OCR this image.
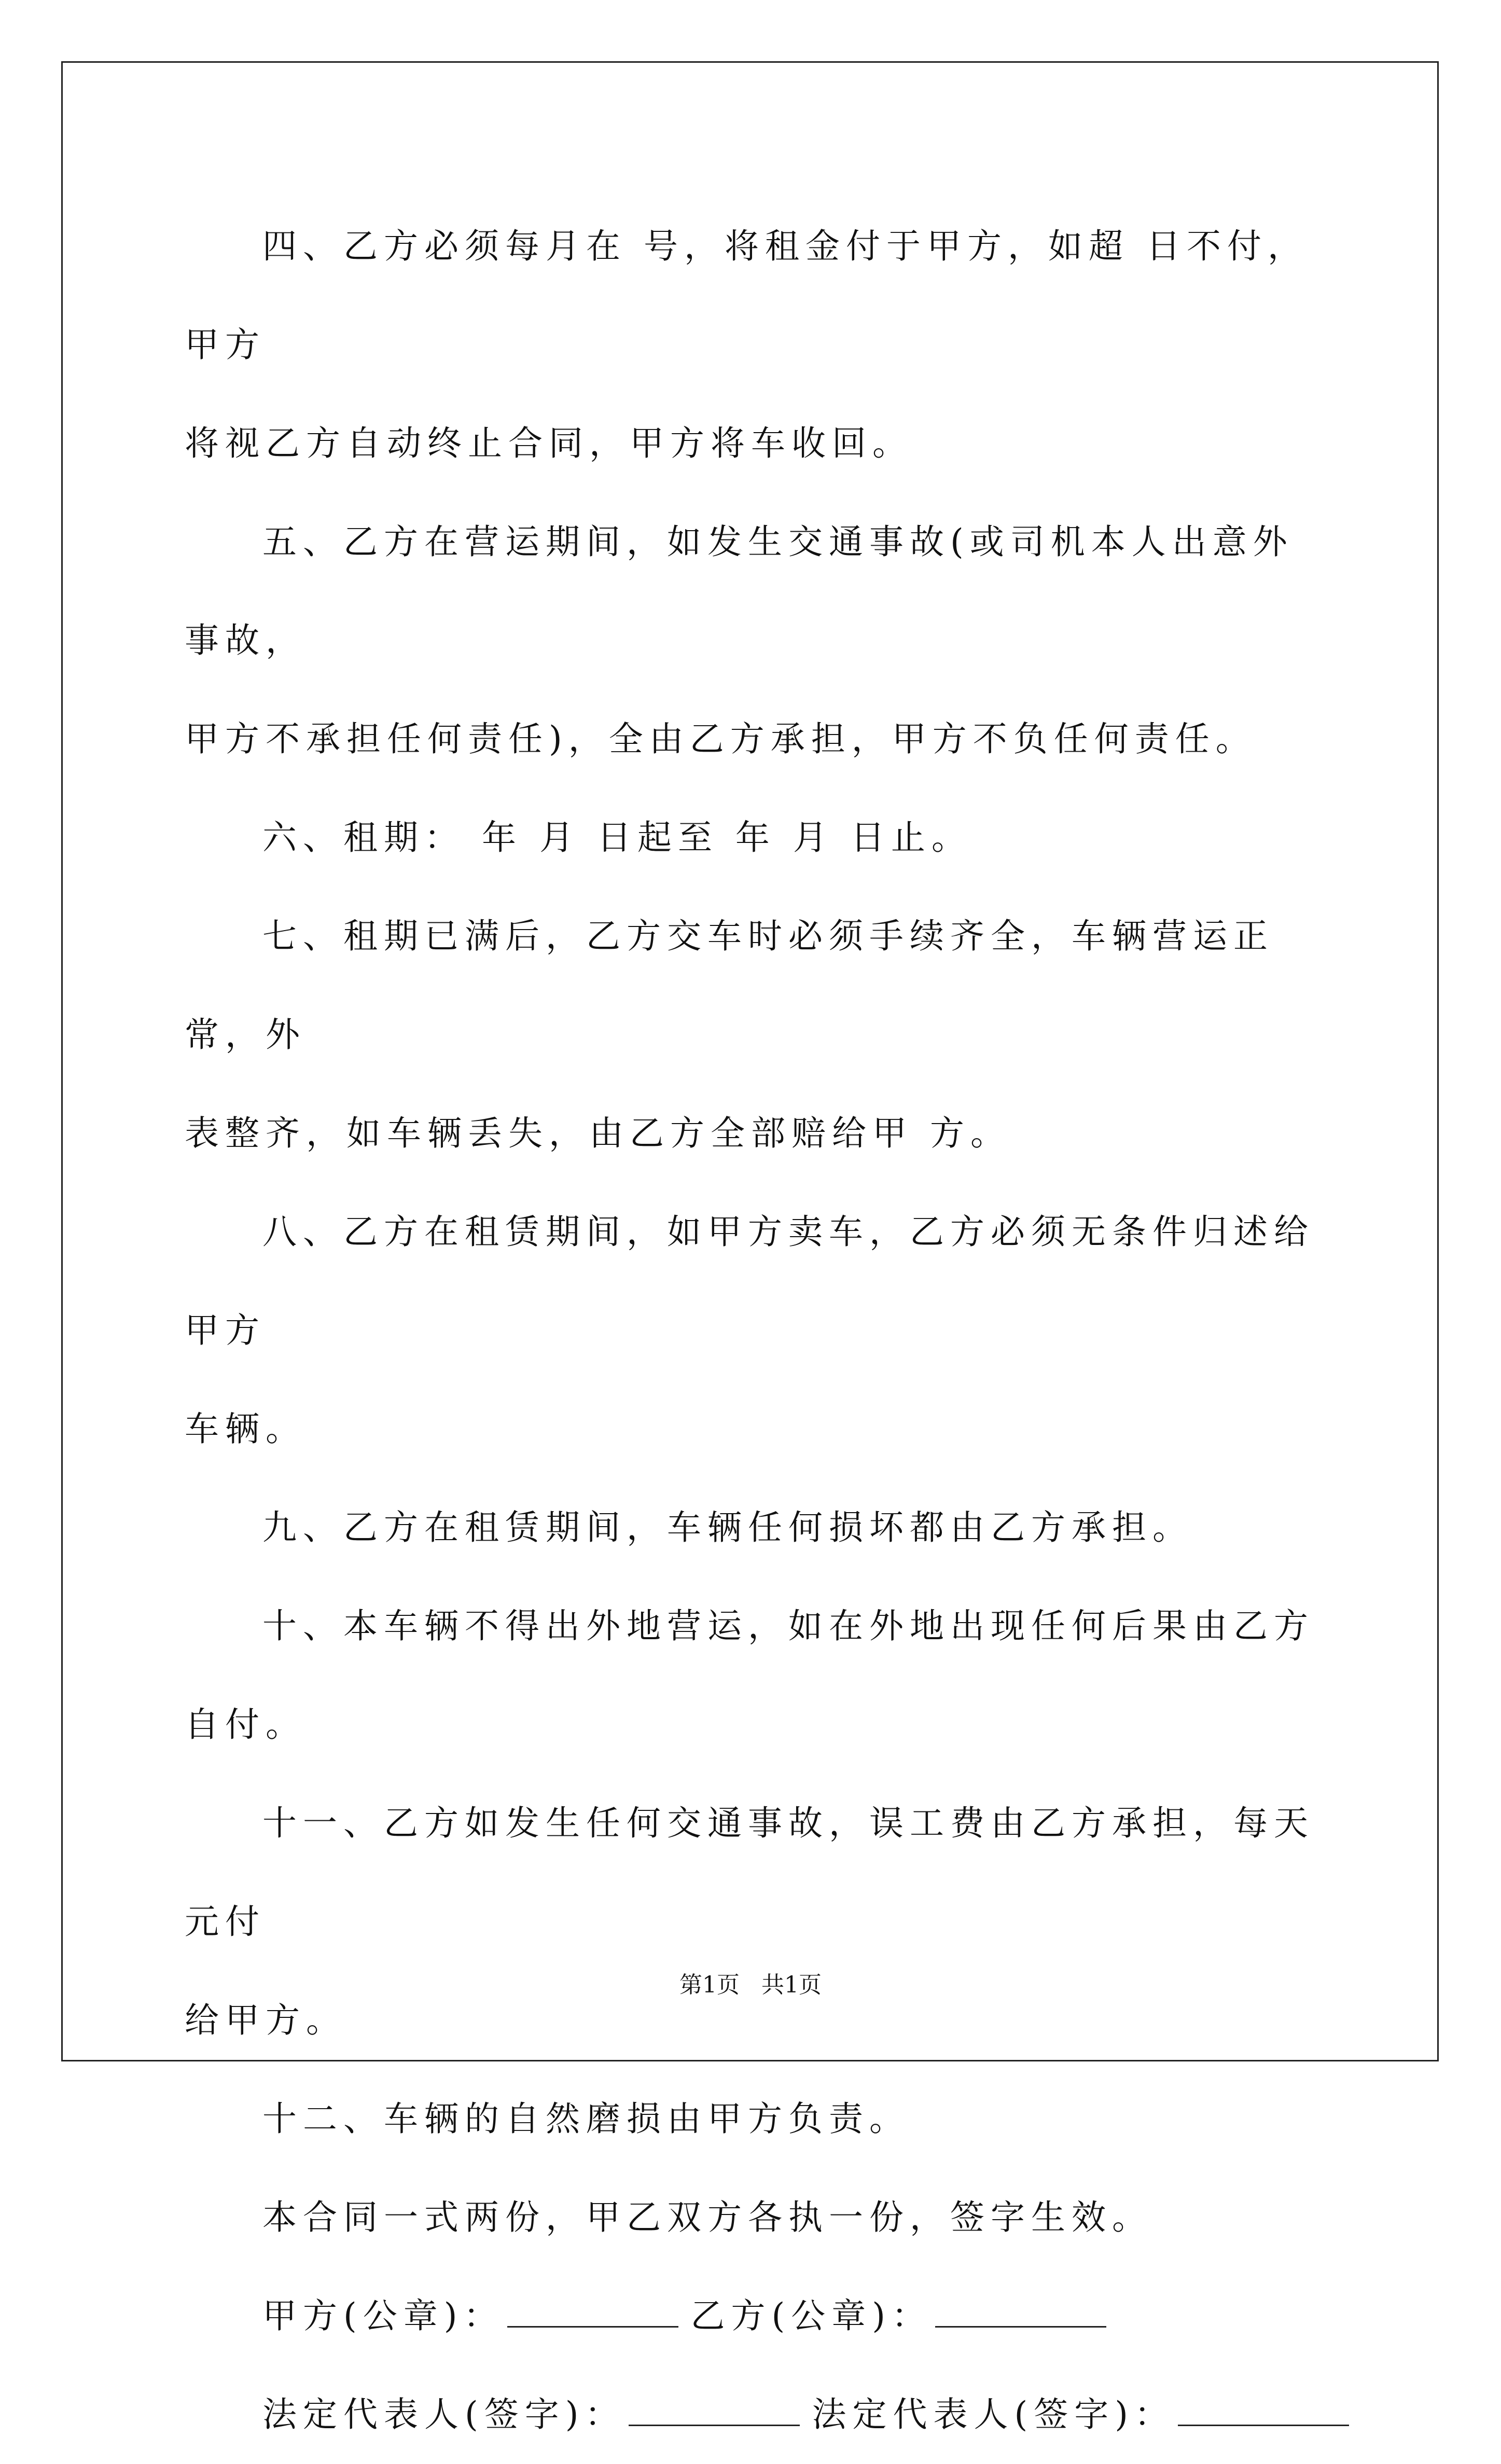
四、乙方必须每月在 号，将租金付于甲方，如超 日不付，甲方
将视乙方自动终止合同，甲方将车收回。

五、乙方在营运期间，如发生交通事故(或司机本人出意外事故，
甲方不承担任何责任)，全由乙方承担，甲方不负任何责任。

六、租期： 年 月 日起至 年 月 日止。

七、租期已满后，乙方交车时必须手续齐全，车辆营运正常，外
表整齐，如车辆丢失，由乙方全部赔给甲 方。

八、乙方在租赁期间，如甲方卖车，乙方必须无条件归述给甲方
车辆。

九、乙方在租赁期间，车辆任何损坏都由乙方承担。

十、本车辆不得出外地营运，如在外地出现任何后果由乙方自付。

十一、乙方如发生任何交通事故，误工费由乙方承担，每天 元付
给甲方。

十二、车辆的自然磨损由甲方负责。

本合同一式两份，甲乙双方各执一份，签字生效。

甲方(公章)：	乙方(公章)：

法定代表人(签字)：	法定代表人(签字)：

第1页 共1页
